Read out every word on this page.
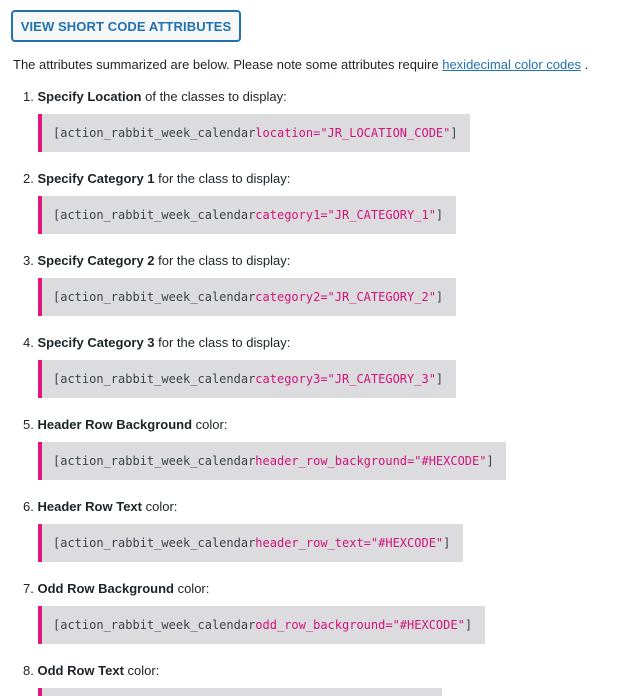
VIEW SHORT CODE ATTRIBUTES

The attributes summarized are below. Please note some attributes require hexidecimal color codes .

1. Specify Location of the classes to display:
[action_rabbit_week_calendar location="JR_LOCATION_CODE" ]
2. Specify Category 1 for the class to display:
[action_rabbit_week_calendar category1="JR_CATEGORY_1" ]
3. Specify Category 2 for the class to display:
[action_rabbit_week_calendar category2="JR_CATEGORY_2" ]
4. Specify Category 3 for the class to display:
[action_rabbit_week_calendar category3="JR_CATEGORY_3" ]
5. Header Row Background color:
[action_rabbit_week_calendar header_row_background="#HEXCODE" ]
6. Header Row Text color:
[action_rabbit_week_calendar header_row_text="#HEXCODE" ]
7. Odd Row Background color:
[action_rabbit_week_calendar odd_row_background="#HEXCODE" ]
8. Odd Row Text color:
